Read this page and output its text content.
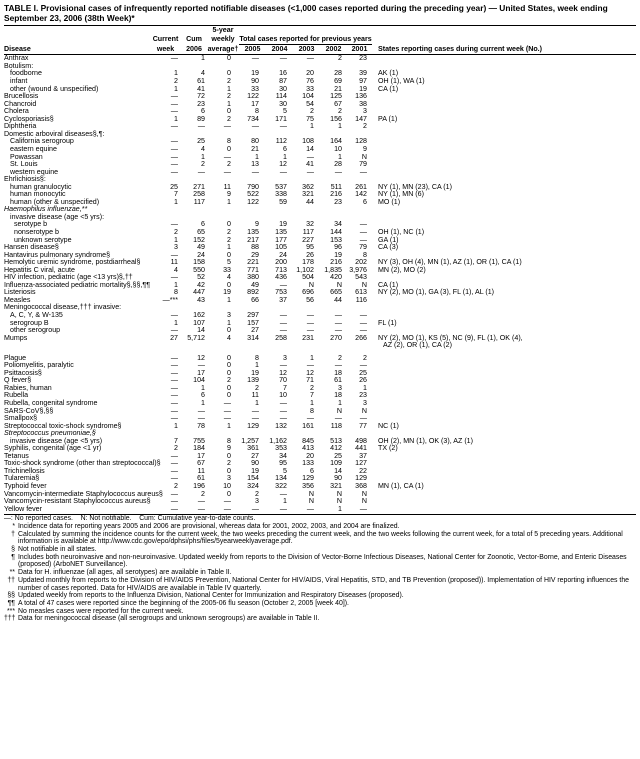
TABLE I. Provisional cases of infrequently reported notifiable diseases (<1,000 cases reported during the preceding year) — United States, week ending September 23, 2006 (38th Week)*
			5-year						
	Current	Cum	weekly	Total cases reported for previous years					
Disease	week	2006	average†	2005	2004	2003	2002	2001	States reporting cases during current week (No.)
Anthrax	—	1	0	—	—	—	2	23	
Botulism:									
foodborne	1	4	0	19	16	20	28	39	AK (1)
infant	2	61	2	90	87	76	69	97	OH (1), WA (1)
other (wound & unspecified)	1	41	1	33	30	33	21	19	CA (1)
Brucellosis	—	72	2	122	114	104	125	136	
Chancroid	—	23	1	17	30	54	67	38	
Cholera	—	6	0	8	5	2	2	3	
Cyclosporiasis§	1	89	2	734	171	75	156	147	PA (1)
Diphtheria	—	—	—	—	—	1	1	2	
Domestic arboviral diseases§,¶:									
California serogroup	—	25	8	80	112	108	164	128	
eastern equine	—	4	0	21	6	14	10	9	
Powassan	—	1	—	1	1	—	1	N	
St. Louis	—	2	2	13	12	41	28	79	
western equine	—	—	—	—	—	—	—	—	
Ehrlichiosis§:									
human granulocytic	25	271	11	790	537	362	511	261	NY (1), MN (23), CA (1)
human monocytic	7	258	9	522	338	321	216	142	NY (1), MN (6)
human (other & unspecified)	1	117	1	122	59	44	23	6	MO (1)
Haemophilus influenzae,**									
invasive disease (age <5 yrs):									
serotype b	—	6	0	9	19	32	34	—	
nonserotype b	2	65	2	135	135	117	144	—	OH (1), NC (1)
unknown serotype	1	152	2	217	177	227	153	—	GA (1)
Hansen disease§	3	49	1	88	105	95	96	79	CA (3)
Hantavirus pulmonary syndrome§	—	24	0	29	24	26	19	8	
Hemolytic uremic syndrome, postdiarrheal§	11	158	5	221	200	178	216	202	NY (3), OH (4), MN (1), AZ (1), OR (1), CA (1)
Hepatitis C viral, acute	4	550	33	771	713	1,102	1,835	3,976	MN (2), MO (2)
HIV infection, pediatric (age <13 yrs)§,††	—	52	4	380	436	504	420	543	
Influenza-associated pediatric mortality§,§§,¶¶	1	42	0	49	—	N	N	N	CA (1)
Listeriosis	8	447	19	892	753	696	665	613	NY (2), MO (1), GA (3), FL (1), AL (1)
Measles	—***	43	1	66	37	56	44	116	
Meningococcal disease,††† invasive:									
A, C, Y, & W-135	—	162	3	297	—	—	—	—	
serogroup B	1	107	1	157	—	—	—	—	FL (1)
other serogroup	—	14	0	27	—	—	—	—	
Mumps	27	5,712	4	314	258	231	270	266	NY (2), MO (1), KS (5), NC (9), FL (1), OK (4),
									AZ (2), OR (1), CA (2)

Plague	—	12	0	8	3	1	2	2	
Poliomyelitis, paralytic	—	—	0	1	—	—	—	—	
Psittacosis§	—	17	0	19	12	12	18	25	
Q fever§	—	104	2	139	70	71	61	26	
Rabies, human	—	1	0	2	7	2	3	1	
Rubella	—	6	0	11	10	7	18	23	
Rubella, congenital syndrome	—	1	—	1	—	1	1	3	
SARS-CoV§,§§	—	—	—	—	—	8	N	N	
Smallpox§	—	—	—	—	—	—	—	—	
Streptococcal toxic-shock syndrome§	1	78	1	129	132	161	118	77	NC (1)
Streptococcus pneumoniae,§									
invasive disease (age <5 yrs)	7	755	8	1,257	1,162	845	513	498	OH (2), MN (1), OK (3), AZ (1)
Syphilis, congenital (age <1 yr)	2	184	9	361	353	413	412	441	TX (2)
Tetanus	—	17	0	27	34	20	25	37	
Toxic-shock syndrome (other than streptococcal)§	—	67	2	90	95	133	109	127	
Trichinellosis	—	11	0	19	5	6	14	22	
Tularemia§	—	61	3	154	134	129	90	129	
Typhoid fever	2	196	10	324	322	356	321	368	MN (1), CA (1)
Vancomycin-intermediate Staphylococcus aureus§	—	2	0	2	—	N	N	N	
Vancomycin-resistant Staphylococcus aureus§	—	—	—	3	1	N	N	N	
Yellow fever	—	—	—	—	—	—	1	—	
—: No reported cases.    N: Not notifiable.    Cum: Cumulative year-to-date counts.
* Incidence data for reporting years 2005 and 2006 are provisional, whereas data for 2001, 2002, 2003, and 2004 are finalized.
† Calculated by summing the incidence counts for the current week, the two weeks preceding the current week, and the two weeks following the current week, for a total of 5 preceding years. Additional information is available at http://www.cdc.gov/epo/dphsi/phs/files/5yearweeklyaverage.pdf.
§ Not notifiable in all states.
¶ Includes both neuroinvasive and non-neuroinvasive. Updated weekly from reports to the Division of Vector-Borne Infectious Diseases, National Center for Zoonotic, Vector-Borne, and Enteric Diseases (proposed) (ArboNET Surveillance).
** Data for H. influenzae (all ages, all serotypes) are available in Table II.
†† Updated monthly from reports to the Division of HIV/AIDS Prevention, National Center for HIV/AIDS, Viral Hepatitis, STD, and TB Prevention (proposed)). Implementation of HIV reporting influences the number of cases reported. Data for HIV/AIDS are available in Table IV quarterly.
§§ Updated weekly from reports to the Influenza Division, National Center for Immunization and Respiratory Diseases (proposed).
¶¶ A total of 47 cases were reported since the beginning of the 2005-06 flu season (October 2, 2005 [week 40]).
*** No measles cases were reported for the current week.
††† Data for meningococcal disease (all serogroups and unknown serogroups) are available in Table II.
